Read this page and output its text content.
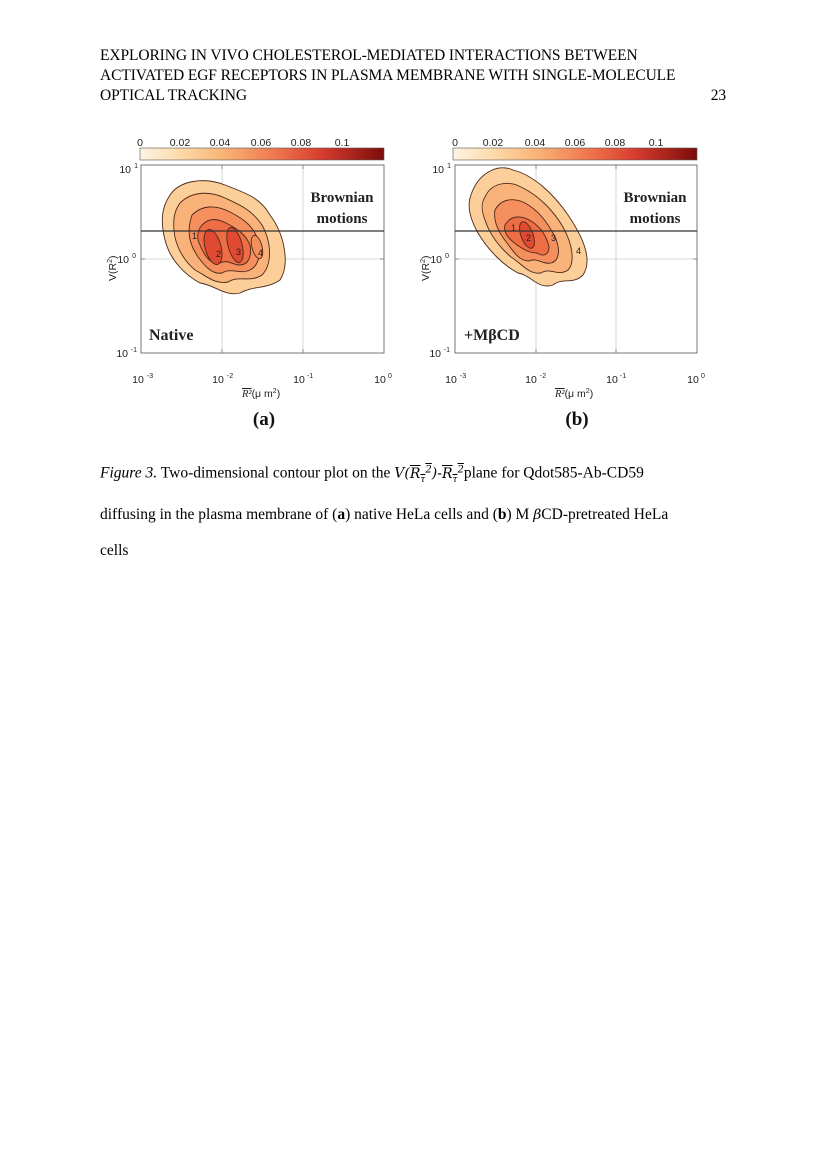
EXPLORING IN VIVO CHOLESTEROL-MEDIATED INTERACTIONS BETWEEN
ACTIVATED EGF RECEPTORS IN PLASMA MEMBRANE WITH SINGLE-MOLECULE
OPTICAL TRACKING	23
0	0.02 0.04 0.06 0.08 0.1
1
2 3 4
Brownian
motions
Native
10 1
10 0
10 -1
$V(R^2)$
10 -3	10 -2	10 -1	10 0
R²(μ $m^2$)
(a)
0 0.02 0.04 0.06 0.08 0.1
1
2 3
4
Brownian
motions
+MβCD
10 1
10 0
10 -1
$V(R^2)$
10 -3	10 -2	10 -1	10 0
R²(μ $m^2$)
(b)
Figure 3. Two-dimensional contour plot on the $V(R_\tau^2)-R_\tau^2plane$ for Qdot585-Ab-CD59
diffusing in the plasma membrane of (a) native HeLa cells and (b) M βCD-pretreated HeLa
cells
